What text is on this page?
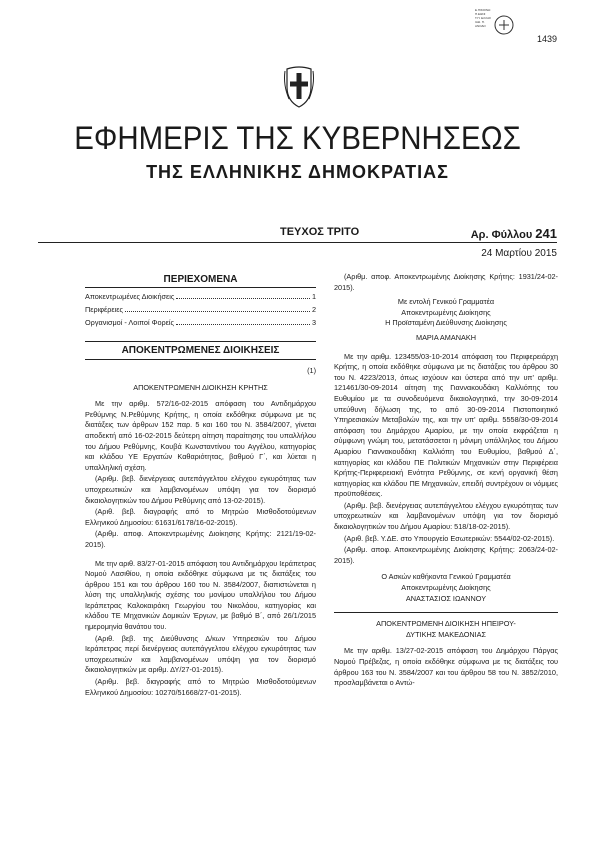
Ε.ΠΙΚΟΙΝΩ
Π.ΕΘΝΙ
Τ.Π. ΕΛΛΑΣ
ΙΑΘ. Π.
ΑΝΟΔΟ
1439
ΕΦΗΜΕΡΙΣ ΤΗΣ ΚΥΒΕΡΝΗΣΕΩΣ
ΤΗΣ ΕΛΛΗΝΙΚΗΣ ΔΗΜΟΚΡΑΤΙΑΣ
ΤΕΥΧΟΣ ΤΡΙΤΟ	Αρ. Φύλλου 241
24 Μαρτίου 2015
ΠΕΡΙΕΧΟΜΕΝΑ
Αποκεντρωμένες Διοικήσεις	1
Περιφέρειες	2
Οργανισμοί - Λοιποί Φορείς	3
ΑΠΟΚΕΝΤΡΩΜΕΝΕΣ ΔΙΟΙΚΗΣΕΙΣ
(1)
ΑΠΟΚΕΝΤΡΩΜΕΝΗ ΔΙΟΙΚΗΣΗ ΚΡΗΤΗΣ

Με την αριθμ. 572/16-02-2015 απόφαση του Αντιδημάρχου Ρεθύμνης Ν.Ρεθύμνης Κρήτης, η οποία εκδόθηκε σύμφωνα με τις διατάξεις των άρθρων 152 παρ. 5 και 160 του Ν. 3584/2007, γίνεται αποδεκτή από 16-02-2015 δεύτερη αίτηση παραίτησης του υπαλλήλου του Δήμου Ρεθύμνης, Κουβά Κωνσταντίνου του Αγγέλου, κατηγορίας και κλάδου ΥΕ Εργατών Καθαριότητας, βαθμού Γ΄, και λύεται η υπαλληλική σχέση.

(Αριθμ. βεβ. διενέργειας αυτεπάγγελτου ελέγχου εγκυρότητας των υποχρεωτικών και λαμβανομένων υπόψη για τον διορισμό δικαιολογητικών του Δήμου Ρεθύμνης από 13-02-2015).

(Αριθ. βεβ. διαγραφής από το Μητρώο Μισθοδοτούμενων Ελληνικού Δημοσίου: 61631/6178/16-02-2015).

(Αριθμ. αποφ. Αποκεντρωμένης Διοίκησης Κρήτης: 2121/19-02-2015).

Με την αριθ. 83/27-01-2015 απόφαση του Αντιδημάρχου Ιεράπετρας Νομού Λασιθίου, η οποία εκδόθηκε σύμφωνα με τις διατάξεις του άρθρου 151 και του άρθρου 160 του Ν. 3584/2007, διαπιστώνεται η λύση της υπαλληλικής σχέσης του μονίμου υπαλλήλου του Δήμου Ιεράπετρας Καλοκαιράκη Γεωργίου του Νικολάου, κατηγορίας και κλάδου ΤΕ Μηχανικών Δομικών Έργων, με βαθμό Β΄, από 26/1/2015 ημερομηνία θανάτου του.

(Αριθ. βεβ. της Διεύθυνσης Δ/κων Υπηρεσιών του Δήμου Ιεράπετρας περί διενέργειας αυτεπάγγελτου ελέγχου εγκυρότητας των υποχρεωτικών και λαμβανομένων υπόψη για τον διορισμό δικαιολογητικών με αριθμ. ΔΥ/27-01-2015).

(Αριθμ. βεβ. διαγραφής από το Μητρώο Μισθοδοτούμενων Ελληνικού Δημοσίου: 10270/51668/27-01-2015).

(Αριθμ. αποφ. Αποκεντρωμένης Διοίκησης Κρήτης: 1931/24-02-2015).

Με εντολή Γενικού Γραμματέα
Αποκεντρωμένης Διοίκησης
Η Προϊσταμένη Διεύθυνσης Διοίκησης
ΜΑΡΙΑ ΑΜΑΝΑΚΗ

Με την αριθμ. 123455/03-10-2014 απόφαση του Περιφερειάρχη Κρήτης, η οποία εκδόθηκε σύμφωνα με τις διατάξεις του άρθρου 30 του Ν. 4223/2013, όπως ισχύουν και ύστερα από την υπ' αριθμ. 121461/30-09-2014 αίτηση της Γιαννακουδάκη Καλλιόπης του Ευθυμίου με τα συνοδευόμενα δικαιολογητικά, την 30-09-2014 υπεύθυνη δήλωση της, το από 30-09-2014 Πιστοποιητικό Υπηρεσιακών Μεταβολών της, και την υπ' αριθμ. 5558/30-09-2014 απόφαση του Δημάρχου Αμαρίου, με την οποία εκφράζεται η σύμφωνη γνώμη του, μετατάσσεται η μόνιμη υπάλληλος του Δήμου Αμαρίου Γιαννακουδάκη Καλλιόπη του Ευθυμίου, βαθμού Δ΄, κατηγορίας και κλάδου ΠΕ Πολιτικών Μηχανικών στην Περιφέρεια Κρήτης-Περιφερειακή Ενότητα Ρεθύμνης, σε κενή οργανική θέση κατηγορίας και κλάδου ΠΕ Μηχανικών, επειδή συντρέχουν οι νόμιμες προϋποθέσεις.

(Αριθμ. βεβ. διενέργειας αυτεπάγγελτου ελέγχου εγκυρότητας των υποχρεωτικών και λαμβανομένων υπόψη για τον διορισμό δικαιολογητικών του Δήμου Αμαρίου: 518/18-02-2015).

(Αριθ. βεβ. Υ.ΔΕ. στο Υπουργείο Εσωτερικών: 5544/02-02-2015).

(Αριθμ. αποφ. Αποκεντρωμένης Διοίκησης Κρήτης: 2063/24-02-2015).

Ο Ασκών καθήκοντα Γενικού Γραμματέα
Αποκεντρωμένης Διοίκησης
ΑΝΑΣΤΑΣΙΟΣ ΙΩΑΝΝΟΥ
ΑΠΟΚΕΝΤΡΩΜΕΝΗ ΔΙΟΙΚΗΣΗ ΗΠΕΙΡΟΥ-
ΔΥΤΙΚΗΣ ΜΑΚΕΔΟΝΙΑΣ

Με την αριθμ. 13/27-02-2015 απόφαση του Δημάρχου Πάργας Νομού Πρέβεζας, η οποία εκδόθηκε σύμφωνα με τις διατάξεις του άρθρου 163 του Ν. 3584/2007 και του άρθρου 58 του Ν. 3852/2010, προσλαμβάνεται ο Αντώ-
